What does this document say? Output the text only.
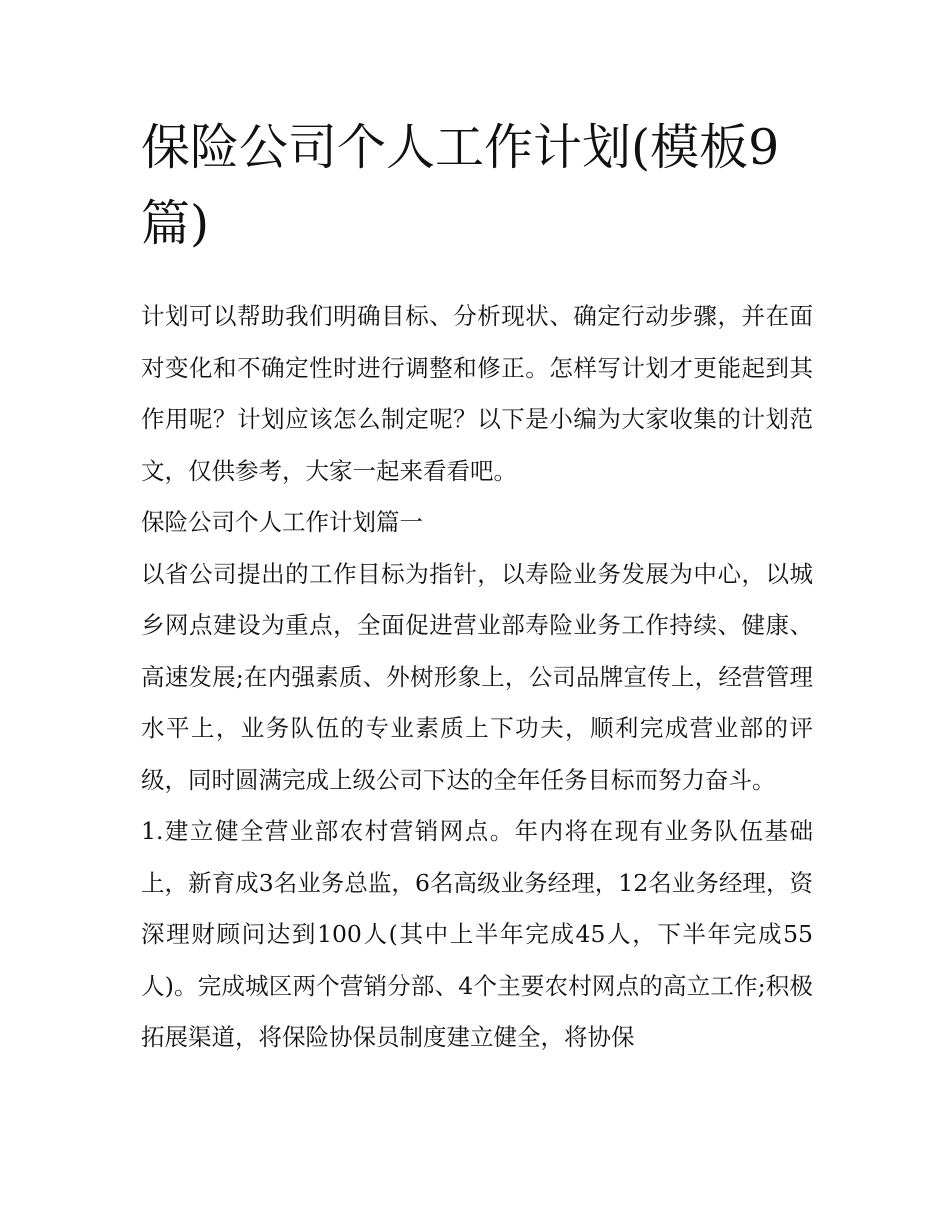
保险公司个人工作计划(模板9篇)

计划可以帮助我们明确目标、分析现状、确定行动步骤，并在面对变化和不确定性时进行调整和修正。怎样写计划才更能起到其作用呢？计划应该怎么制定呢？以下是小编为大家收集的计划范文，仅供参考，大家一起来看看吧。

保险公司个人工作计划篇一

以省公司提出的工作目标为指针，以寿险业务发展为中心，以城乡网点建设为重点，全面促进营业部寿险业务工作持续、健康、高速发展;在内强素质、外树形象上，公司品牌宣传上，经营管理水平上，业务队伍的专业素质上下功夫，顺利完成营业部的评级，同时圆满完成上级公司下达的全年任务目标而努力奋斗。

1.建立健全营业部农村营销网点。年内将在现有业务队伍基础上，新育成3名业务总监，6名高级业务经理，12名业务经理，资深理财顾问达到100人(其中上半年完成45人，下半年完成55人)。完成城区两个营销分部、4个主要农村网点的高立工作;积极拓展渠道，将保险协保员制度建立健全，将协保
